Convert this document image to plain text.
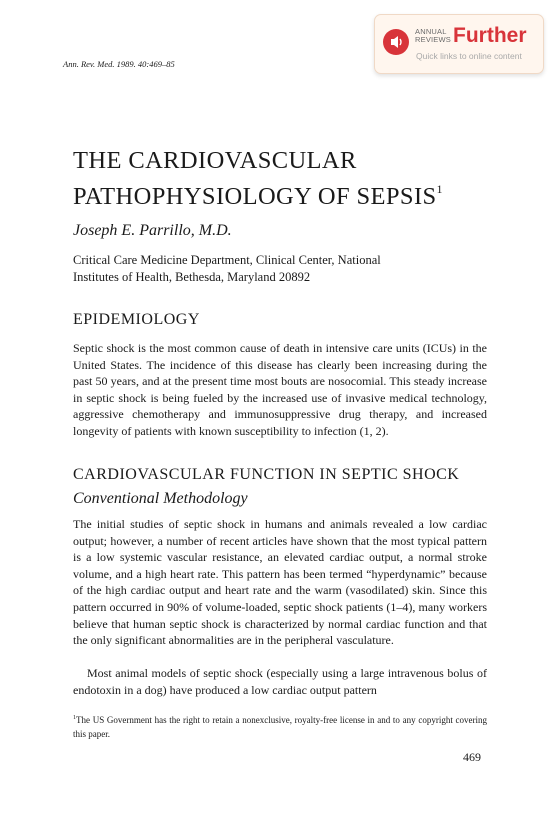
ANNUAL
REVIEWS Further
Quick links to online content
Ann. Rev. Med. 1989. 40:469–85
THE CARDIOVASCULAR
PATHOPHYSIOLOGY OF SEPSIS$^1$
Joseph E. Parrillo, M.D.
Critical Care Medicine Department, Clinical Center, National
Institutes of Health, Bethesda, Maryland 20892
EPIDEMIOLOGY
Septic shock is the most common cause of death in intensive care units (ICUs) in the United States. The incidence of this disease has clearly been increasing during the past 50 years, and at the present time most bouts are nosocomial. This steady increase in septic shock is being fueled by the increased use of invasive medical technology, aggressive chemotherapy and immunosuppressive drug therapy, and increased longevity of patients with known susceptibility to infection (1, 2).
CARDIOVASCULAR FUNCTION IN SEPTIC SHOCK
Conventional Methodology
The initial studies of septic shock in humans and animals revealed a low cardiac output; however, a number of recent articles have shown that the most typical pattern is a low systemic vascular resistance, an elevated cardiac output, a normal stroke volume, and a high heart rate. This pattern has been termed “hyperdynamic” because of the high cardiac output and heart rate and the warm (vasodilated) skin. Since this pattern occurred in 90% of volume-loaded, septic shock patients (1–4), many workers believe that human septic shock is characterized by normal cardiac function and that the only significant abnormalities are in the peripheral vasculature.
Most animal models of septic shock (especially using a large intravenous bolus of endotoxin in a dog) have produced a low cardiac output pattern
$^1$The US Government has the right to retain a nonexclusive, royalty-free license in and to any copyright covering this paper.
469
